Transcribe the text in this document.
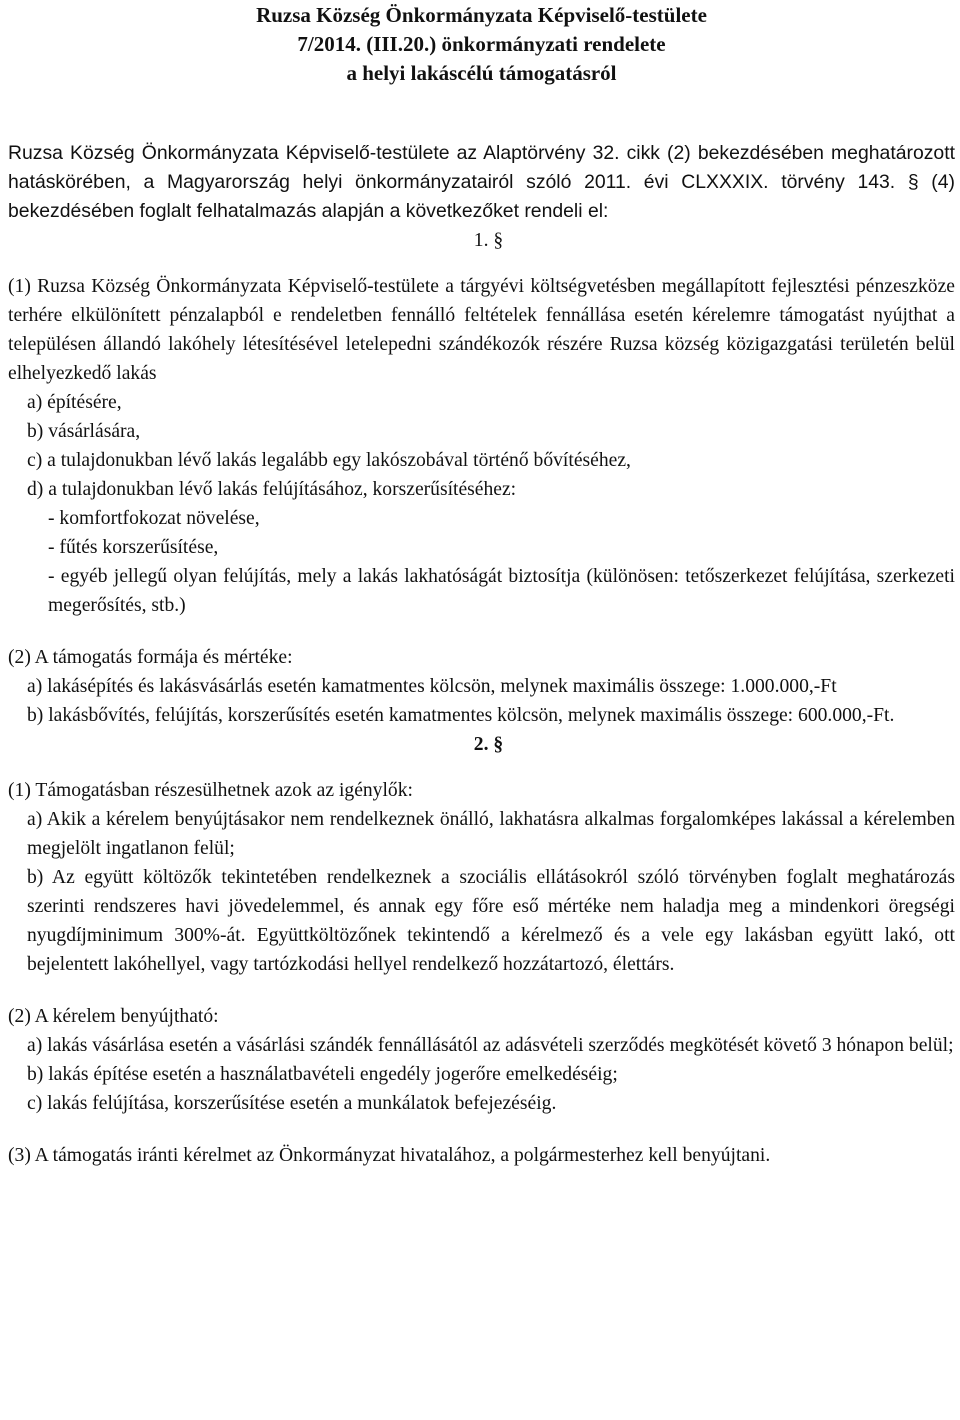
Ruzsa Község Önkormányzata Képviselő-testülete
7/2014. (III.20.) önkormányzati rendelete
a helyi lakáscélú támogatásról

Ruzsa Község Önkormányzata Képviselő-testülete az Alaptörvény 32. cikk (2) bekezdésében meghatározott hatáskörében, a Magyarország helyi önkormányzatairól szóló 2011. évi CLXXXIX. törvény 143. § (4) bekezdésében foglalt felhatalmazás alapján a következőket rendeli el:

1. §

(1) Ruzsa Község Önkormányzata Képviselő-testülete a tárgyévi költségvetésben megállapított fejlesztési pénzeszköze terhére elkülönített pénzalapból e rendeletben fennálló feltételek fennállása esetén kérelemre támogatást nyújthat a településen állandó lakóhely létesítésével letelepedni szándékozók részére Ruzsa község közigazgatási területén belül elhelyezkedő lakás

a) építésére,
b) vásárlására,
c) a tulajdonukban lévő lakás legalább egy lakószobával történő bővítéséhez,
d) a tulajdonukban lévő lakás felújításához, korszerűsítéséhez:
- komfortfokozat növelése,
- fűtés korszerűsítése,
- egyéb jellegű olyan felújítás, mely a lakás lakhatóságát biztosítja (különösen: tetőszerkezet felújítása, szerkezeti megerősítés, stb.)

(2) A támogatás formája és mértéke:

a) lakásépítés és lakásvásárlás esetén kamatmentes kölcsön, melynek maximális összege: 1.000.000,-Ft
b) lakásbővítés, felújítás, korszerűsítés esetén kamatmentes kölcsön, melynek maximális összege: 600.000,-Ft.
2. §

(1) Támogatásban részesülhetnek azok az igénylők:

a) Akik a kérelem benyújtásakor nem rendelkeznek önálló, lakhatásra alkalmas forgalomképes lakással a kérelemben megjelölt ingatlanon felül;
b) Az együtt költözők tekintetében rendelkeznek a szociális ellátásokról szóló törvényben foglalt meghatározás szerinti rendszeres havi jövedelemmel, és annak egy főre eső mértéke nem haladja meg a mindenkori öregségi nyugdíjminimum 300%-át. Együttköltözőnek tekintendő a kérelmező és a vele egy lakásban együtt lakó, ott bejelentett lakóhellyel, vagy tartózkodási hellyel rendelkező hozzátartozó, élettárs.

(2) A kérelem benyújtható:

a) lakás vásárlása esetén a vásárlási szándék fennállásától az adásvételi szerződés megkötését követő 3 hónapon belül;
b) lakás építése esetén a használatbavételi engedély jogerőre emelkedéséig;
c) lakás felújítása, korszerűsítése esetén a munkálatok befejezéséig.

(3) A támogatás iránti kérelmet az Önkormányzat hivatalához, a polgármesterhez kell benyújtani.
